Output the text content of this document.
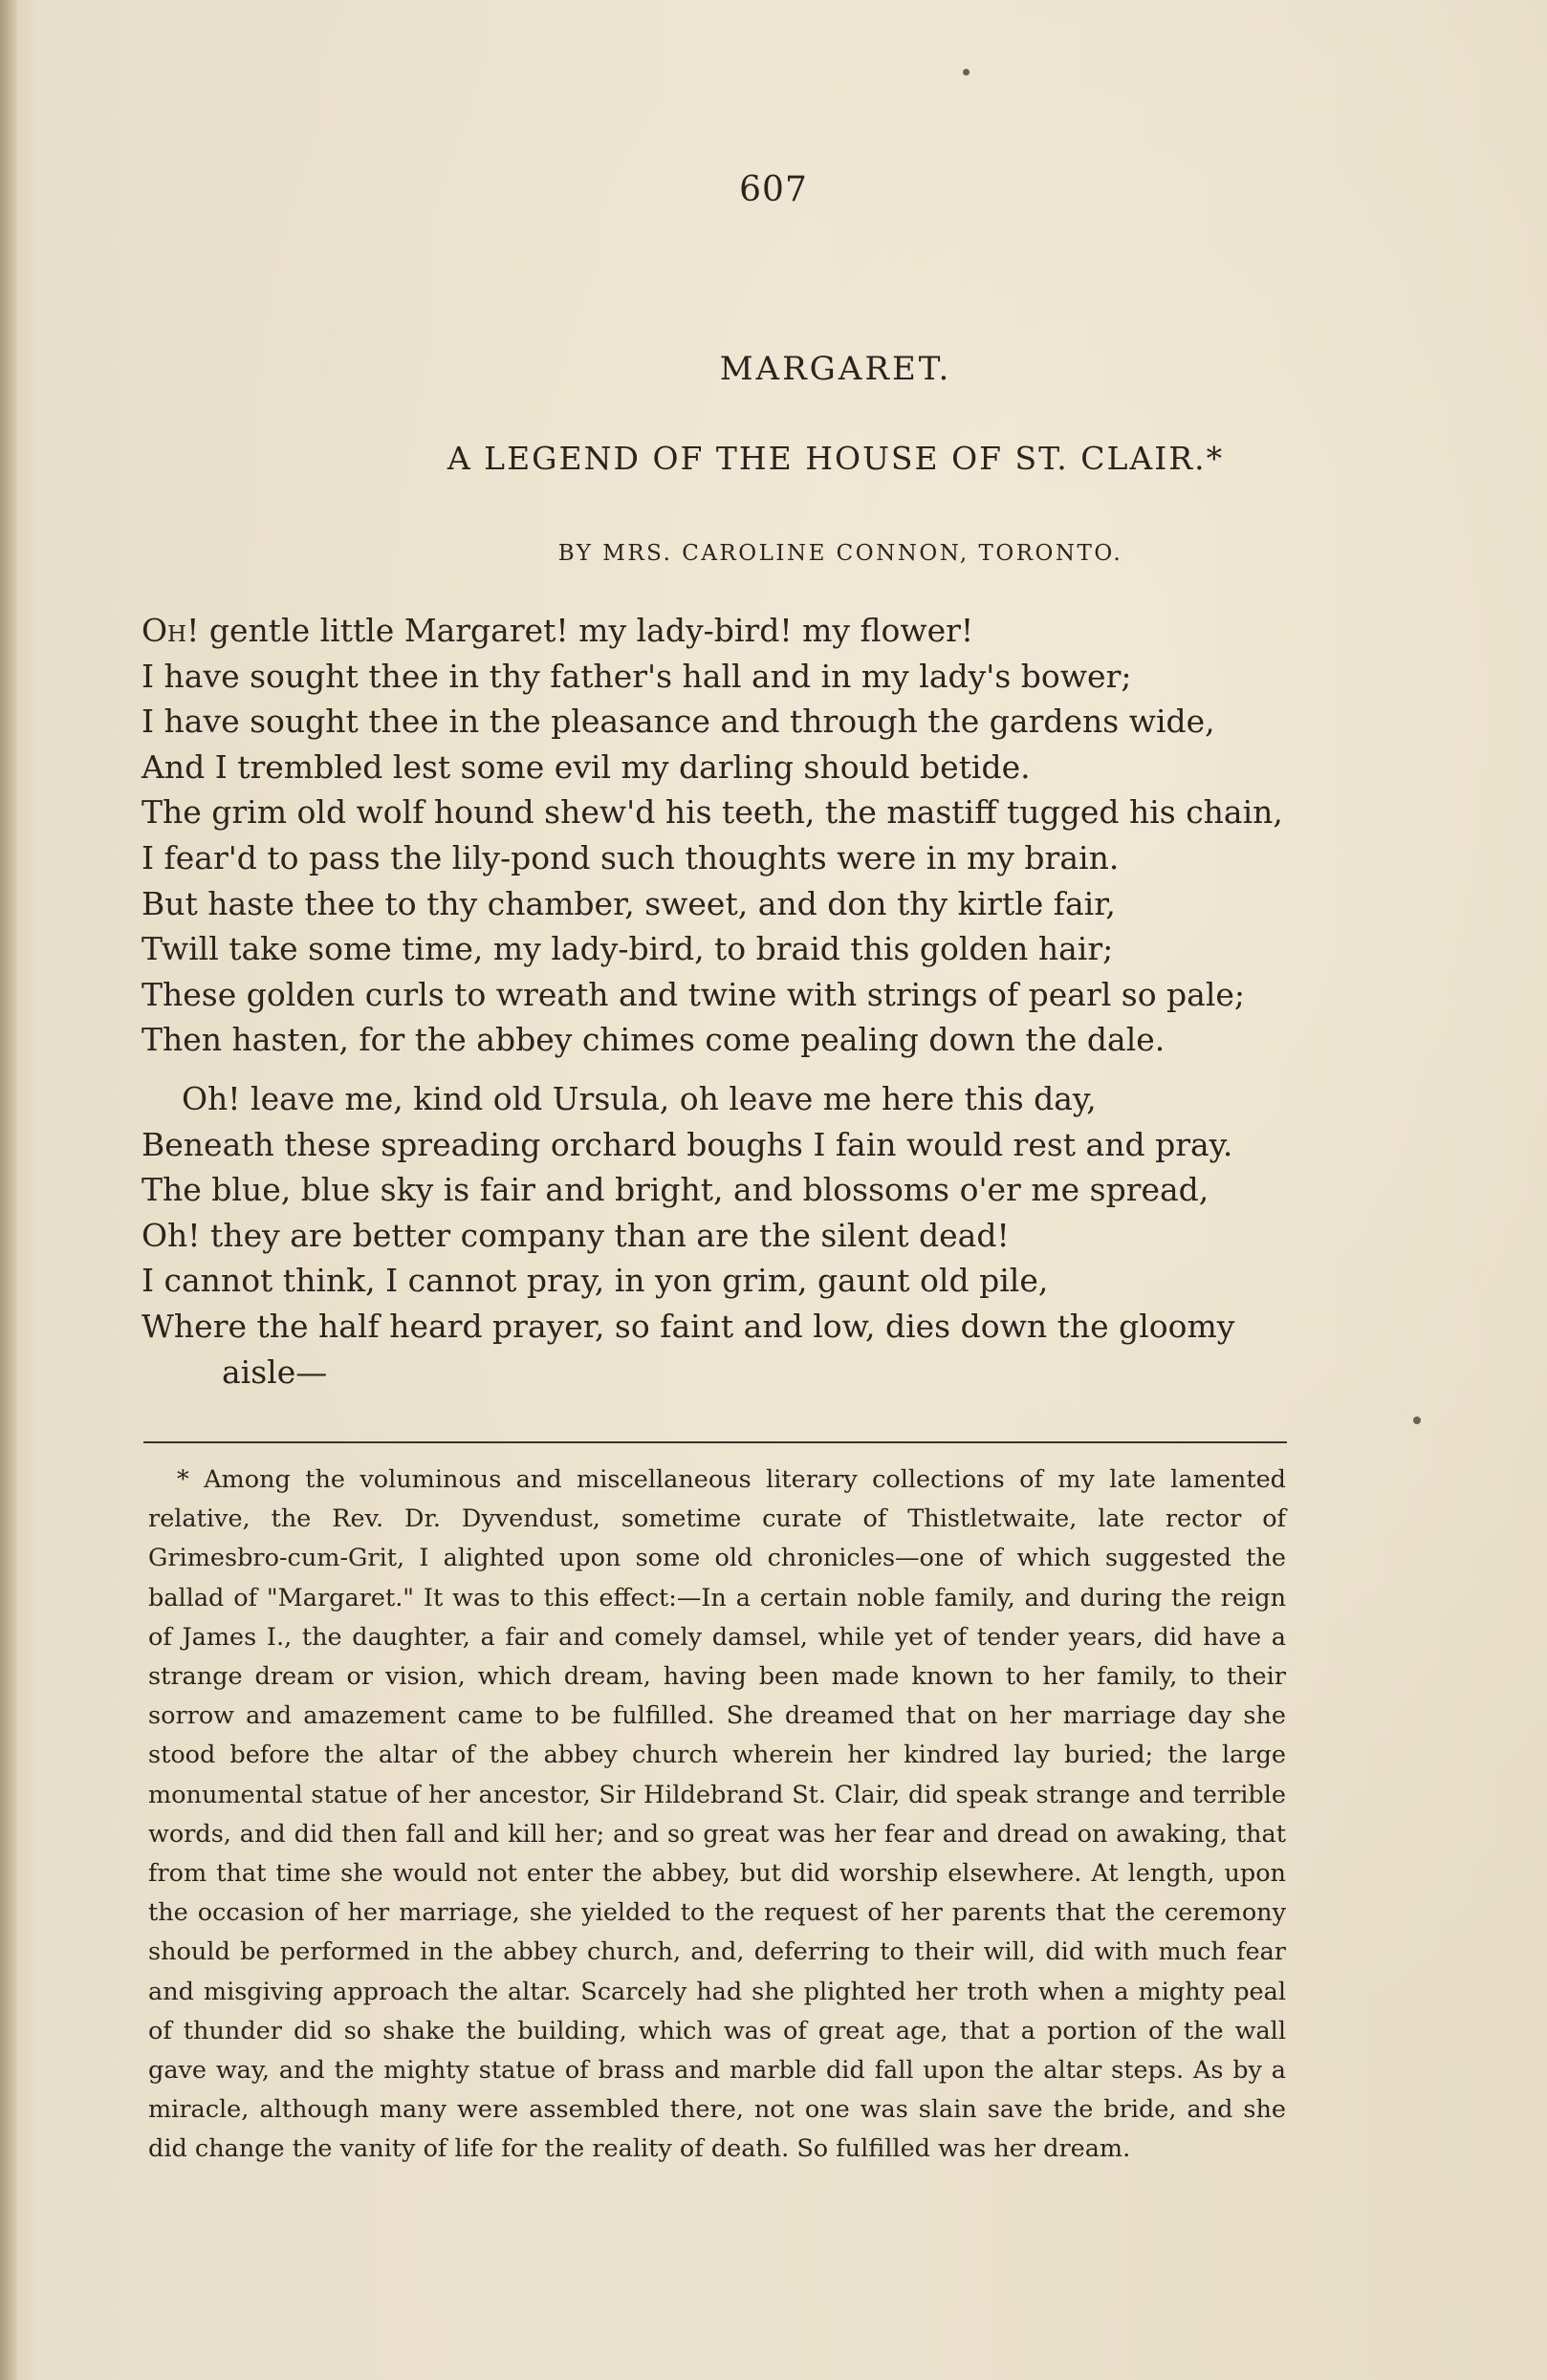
607
MARGARET.
A LEGEND OF THE HOUSE OF ST. CLAIR.*
BY MRS. CAROLINE CONNON, TORONTO.
Oh! gentle little Margaret! my lady-bird! my flower!
I have sought thee in thy father's hall and in my lady's bower;
I have sought thee in the pleasance and through the gardens wide,
And I trembled lest some evil my darling should betide.
The grim old wolf hound shew'd his teeth, the mastiff tugged his chain,
I fear'd to pass the lily-pond such thoughts were in my brain.
But haste thee to thy chamber, sweet, and don thy kirtle fair,
Twill take some time, my lady-bird, to braid this golden hair;
These golden curls to wreath and twine with strings of pearl so pale;
Then hasten, for the abbey chimes come pealing down the dale.
Oh! leave me, kind old Ursula, oh leave me here this day,
Beneath these spreading orchard boughs I fain would rest and pray.
The blue, blue sky is fair and bright, and blossoms o'er me spread,
Oh! they are better company than are the silent dead!
I cannot think, I cannot pray, in yon grim, gaunt old pile,
Where the half heard prayer, so faint and low, dies down the gloomy
aisle—

* Among the voluminous and miscellaneous literary collections of my late lamented relative, the Rev. Dr. Dyvendust, sometime curate of Thistletwaite, late rector of Grimesbro-cum-Grit, I alighted upon some old chronicles—one of which suggested the ballad of "Margaret." It was to this effect:—In a certain noble family, and during the reign of James I., the daughter, a fair and comely damsel, while yet of tender years, did have a strange dream or vision, which dream, having been made known to her family, to their sorrow and amazement came to be fulfilled. She dreamed that on her marriage day she stood before the altar of the abbey church wherein her kindred lay buried; the large monumental statue of her ancestor, Sir Hildebrand St. Clair, did speak strange and terrible words, and did then fall and kill her; and so great was her fear and dread on awaking, that from that time she would not enter the abbey, but did worship elsewhere. At length, upon the occasion of her marriage, she yielded to the request of her parents that the ceremony should be performed in the abbey church, and, deferring to their will, did with much fear and misgiving approach the altar. Scarcely had she plighted her troth when a mighty peal of thunder did so shake the building, which was of great age, that a portion of the wall gave way, and the mighty statue of brass and marble did fall upon the altar steps. As by a miracle, although many were assembled there, not one was slain save the bride, and she did change the vanity of life for the reality of death. So fulfilled was her dream.
